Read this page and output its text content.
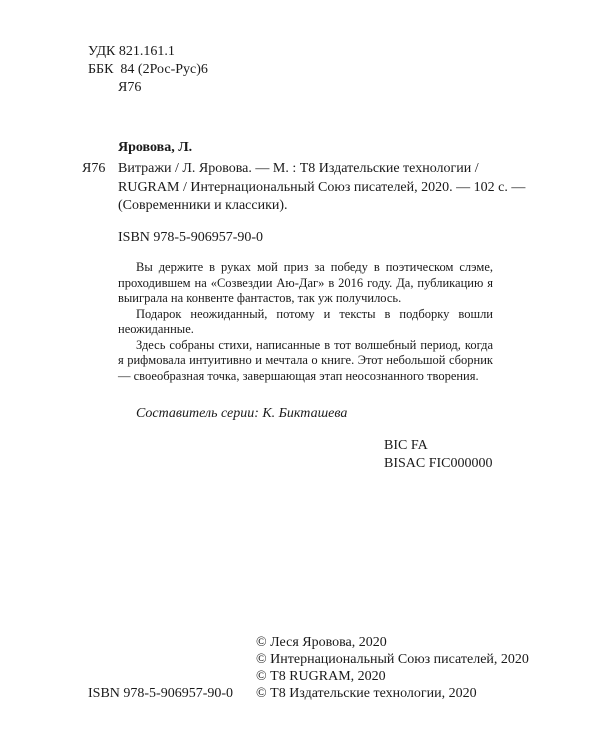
УДК 821.161.1
ББК  84 (2Рос-Рус)6
Я76
Яровова, Л.
Я76 Витражи / Л. Яровова. — М. : Т8 Издательские технологии /
RUGRAM / Интернациональный Союз писателей, 2020. — 102 с. —
(Современники и классики).
ISBN 978-5-906957-90-0

Вы держите в руках мой приз за победу в поэтическом слэме, проходившем на «Созвездии Аю-Даг» в 2016 году. Да, публикацию я выиграла на конвенте фантастов, так уж получилось.

Подарок неожиданный, потому и тексты в подборку вошли неожиданные.

Здесь собраны стихи, написанные в тот волшебный период, когда я рифмовала интуитивно и мечтала о книге. Этот небольшой сборник — своеобразная точка, завершающая этап неосознанного творения.

Составитель серии: К. Бикташева
BIC FA
BISAC FIC000000
© Леся Яровова, 2020
© Интернациональный Союз писателей, 2020
© Т8 RUGRAM, 2020
© Т8 Издательские технологии, 2020
ISBN 978-5-906957-90-0
